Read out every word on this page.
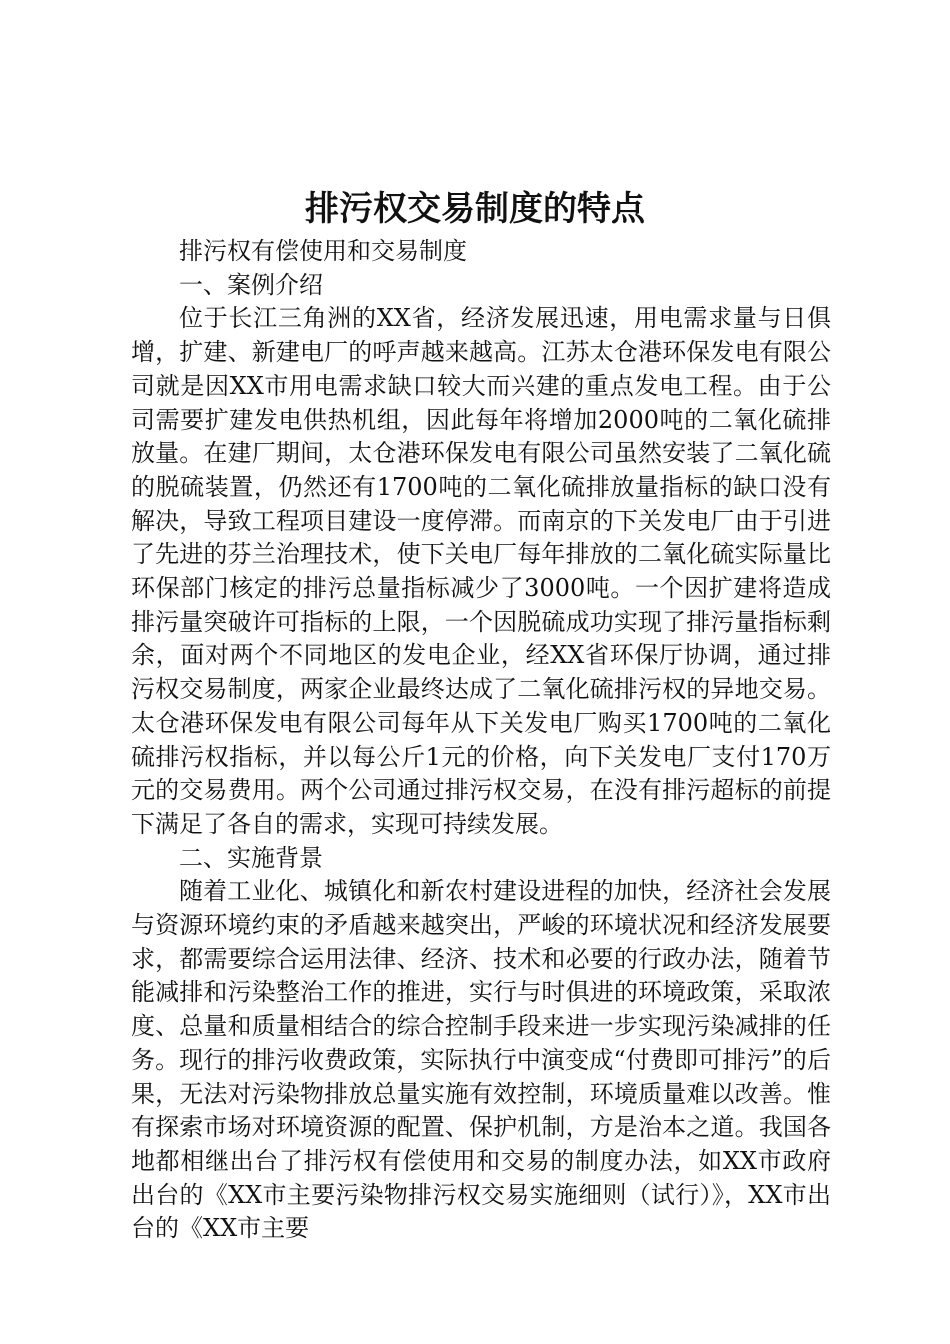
排污权交易制度的特点

排污权有偿使用和交易制度

一、案例介绍

位于长江三角洲的XX省，经济发展迅速，用电需求量与日俱增，扩建、新建电厂的呼声越来越高。江苏太仓港环保发电有限公司就是因XX市用电需求缺口较大而兴建的重点发电工程。由于公司需要扩建发电供热机组，因此每年将增加2000吨的二氧化硫排放量。在建厂期间，太仓港环保发电有限公司虽然安装了二氧化硫的脱硫装置，仍然还有1700吨的二氧化硫排放量指标的缺口没有解决，导致工程项目建设一度停滞。而南京的下关发电厂由于引进了先进的芬兰治理技术，使下关电厂每年排放的二氧化硫实际量比环保部门核定的排污总量指标减少了3000吨。一个因扩建将造成排污量突破许可指标的上限，一个因脱硫成功实现了排污量指标剩余，面对两个不同地区的发电企业，经XX省环保厅协调，通过排污权交易制度，两家企业最终达成了二氧化硫排污权的异地交易。太仓港环保发电有限公司每年从下关发电厂购买1700吨的二氧化硫排污权指标，并以每公斤1元的价格，向下关发电厂支付170万元的交易费用。两个公司通过排污权交易，在没有排污超标的前提下满足了各自的需求，实现可持续发展。

二、实施背景

随着工业化、城镇化和新农村建设进程的加快，经济社会发展与资源环境约束的矛盾越来越突出，严峻的环境状况和经济发展要求，都需要综合运用法律、经济、技术和必要的行政办法，随着节能减排和污染整治工作的推进，实行与时俱进的环境政策，采取浓度、总量和质量相结合的综合控制手段来进一步实现污染减排的任务。现行的排污收费政策，实际执行中演变成“付费即可排污”的后果，无法对污染物排放总量实施有效控制，环境质量难以改善。惟有探索市场对环境资源的配置、保护机制，方是治本之道。我国各地都相继出台了排污权有偿使用和交易的制度办法，如XX市政府出台的《XX市主要污染物排污权交易实施细则（试行）》，XX市出台的《XX市主要
